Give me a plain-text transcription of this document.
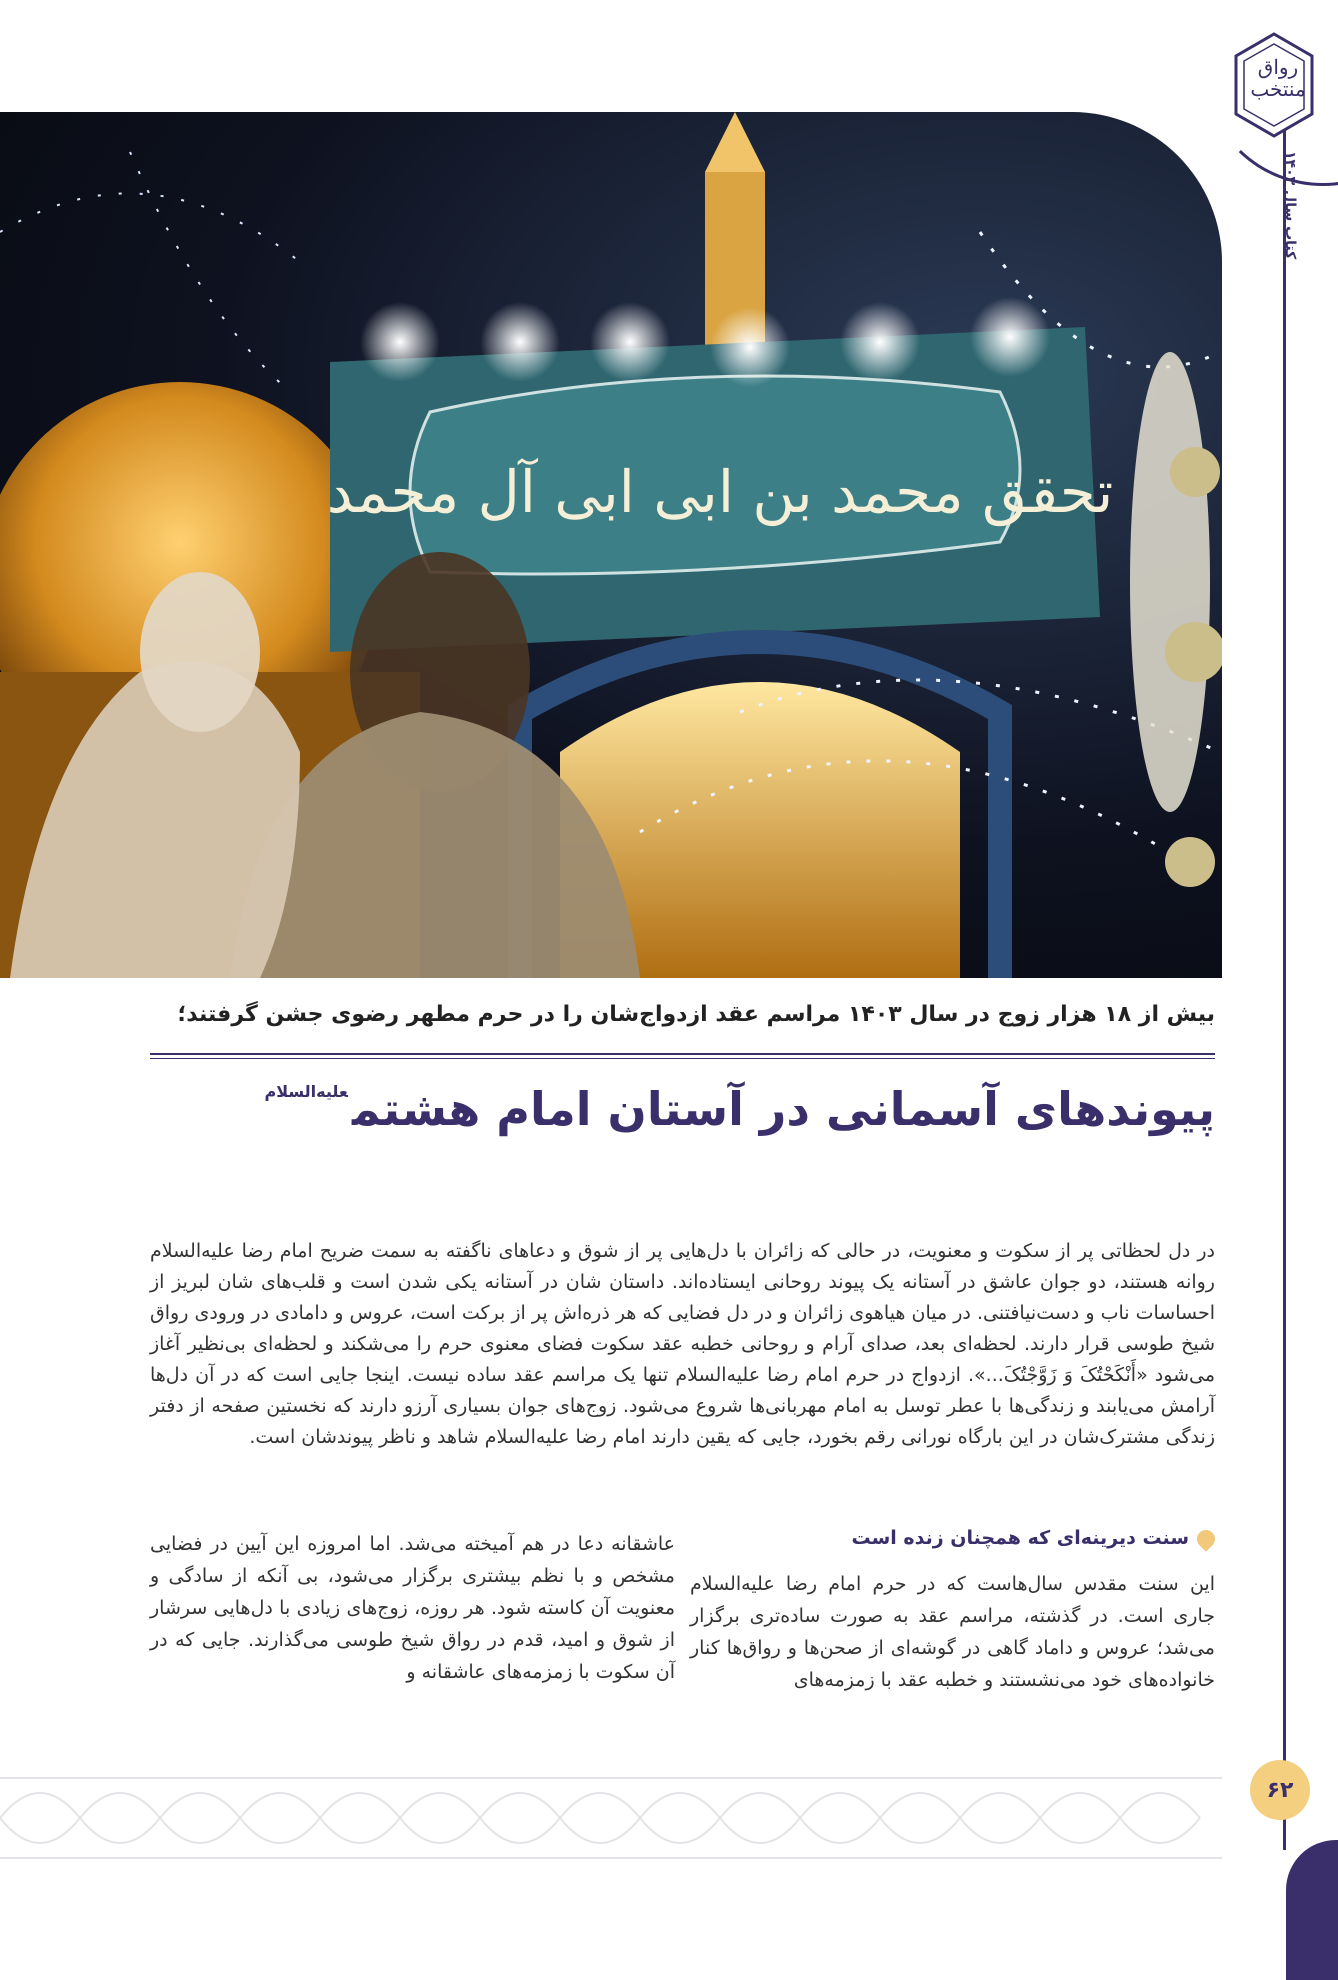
رواق منتخب
کتاب سال ۱۴۰۳
تحقق محمد بن ابی ابی آل محمد
بیش از ۱۸ هزار زوج در سال ۱۴۰۳ مراسم عقد ازدواج‌شان را در حرم مطهر رضوی جشن گرفتند؛
پیوندهای آسمانی در آستان امام هشتم$^{علیه‌السلام}$
در دل لحظاتی پر از سکوت و معنویت، در حالی که زائران با دل‌هایی پر از شوق و دعاهای ناگفته به سمت ضریح امام رضا علیه‌السلام روانه هستند، دو جوان عاشق در آستانه یک پیوند روحانی ایستاده‌اند. داستان شان در آستانه یکی شدن است و قلب‌های شان لبریز از احساسات ناب و دست‌نیافتنی. در میان هیاهوی زائران و در دل فضایی که هر ذره‌اش پر از برکت است، عروس و دامادی در ورودی رواق شیخ طوسی قرار دارند. لحظه‌ای بعد، صدای آرام و روحانی خطبه عقد سکوت فضای معنوی حرم را می‌شکند و لحظه‌ای بی‌نظیر آغاز می‌شود «أَنْکَحْتُکَ وَ زَوَّجْتُکَ...». ازدواج در حرم امام رضا علیه‌السلام تنها یک مراسم عقد ساده نیست. اینجا جایی است که در آن دل‌ها آرامش می‌یابند و زندگی‌ها با عطر توسل به امام مهربانی‌ها شروع می‌شود. زوج‌های جوان بسیاری آرزو دارند که نخستین صفحه از دفتر زندگی مشترک‌شان در این بارگاه نورانی رقم بخورد، جایی که یقین دارند امام رضا علیه‌السلام شاهد و ناظر پیوندشان است.
سنت دیرینه‌ای که همچنان زنده است
این سنت مقدس سال‌هاست که در حرم امام رضا علیه‌السلام جاری است. در گذشته، مراسم عقد به صورت ساده‌تری برگزار می‌شد؛ عروس و داماد گاهی در گوشه‌ای از صحن‌ها و رواق‌ها کنار خانواده‌های خود می‌نشستند و خطبه عقد با زمزمه‌های
عاشقانه دعا در هم آمیخته می‌شد. اما امروزه این آیین در فضایی مشخص و با نظم بیشتری برگزار می‌شود، بی آنکه از سادگی و معنویت آن کاسته شود. هر روزه، زوج‌های زیادی با دل‌هایی سرشار از شوق و امید، قدم در رواق شیخ طوسی می‌گذارند. جایی که در آن سکوت با زمزمه‌های عاشقانه و
۶۲
